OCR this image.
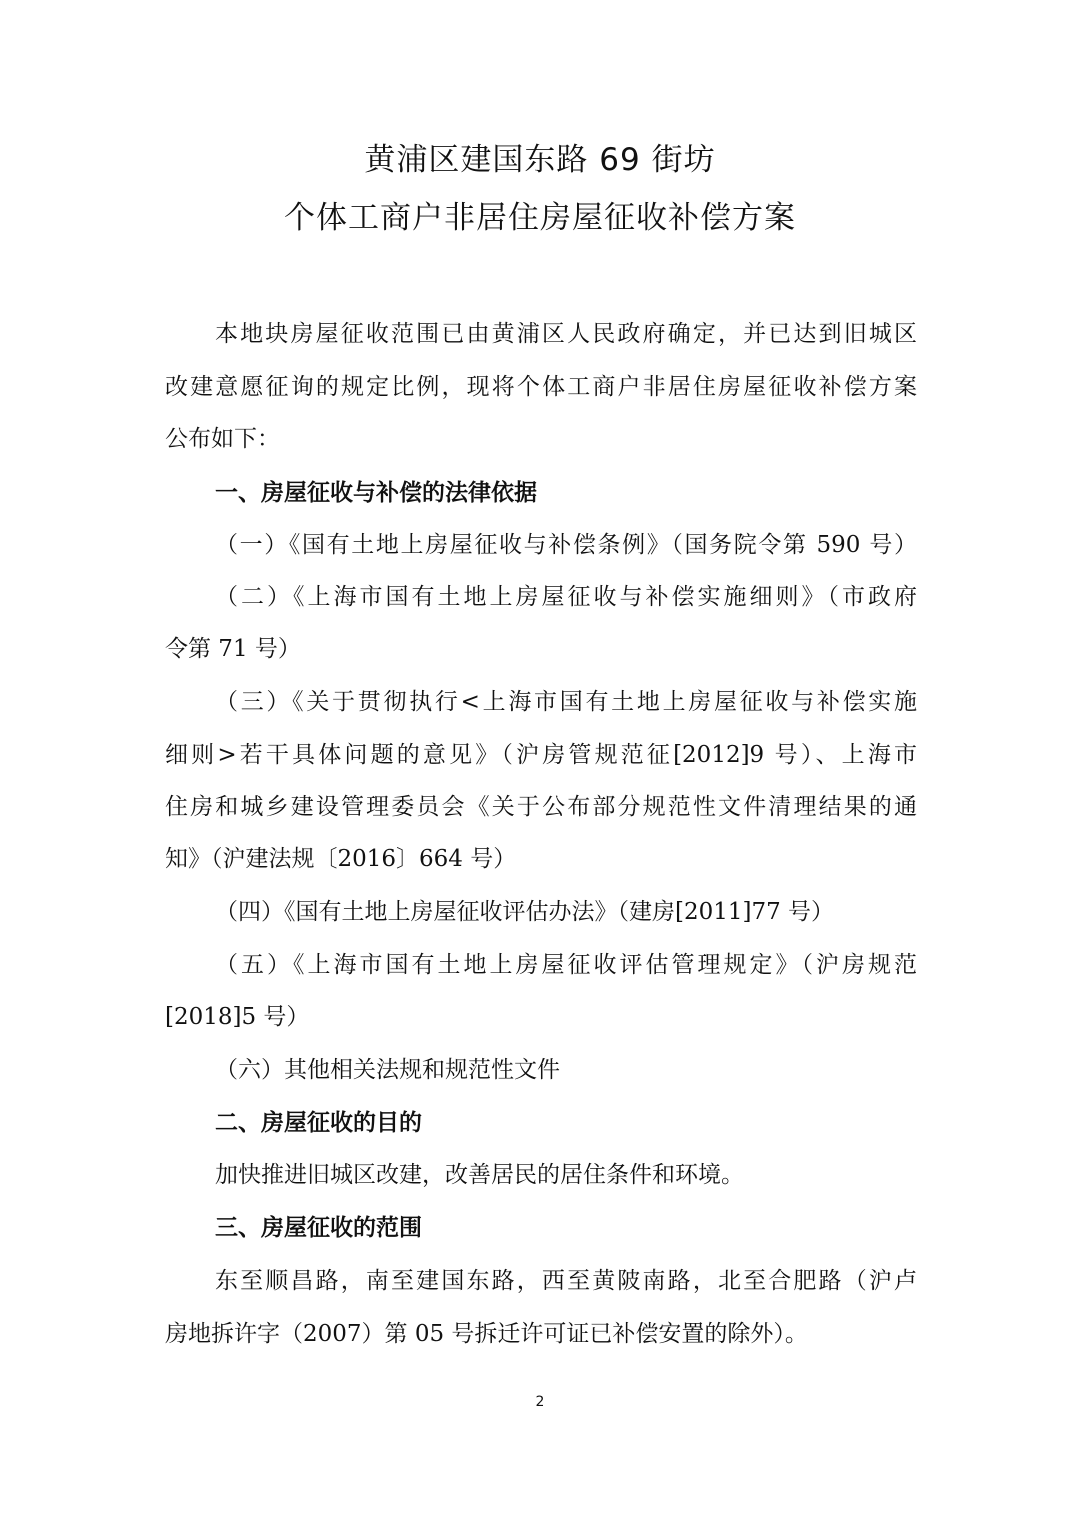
黄浦区建国东路 69 街坊
个体工商户非居住房屋征收补偿方案
本地块房屋征收范围已由黄浦区人民政府确定，并已达到旧城区
改建意愿征询的规定比例，现将个体工商户非居住房屋征收补偿方案
公布如下：
一、房屋征收与补偿的法律依据
（一）《国有土地上房屋征收与补偿条例》（国务院令第 590 号）
（二）《上海市国有土地上房屋征收与补偿实施细则》（市政府
令第 71 号）
（三）《关于贯彻执行<上海市国有土地上房屋征收与补偿实施
细则>若干具体问题的意见》（沪房管规范征[2012]9 号）、上海市
住房和城乡建设管理委员会《关于公布部分规范性文件清理结果的通
知》（沪建法规〔2016〕664 号）
（四）《国有土地上房屋征收评估办法》（建房[2011]77 号）
（五）《上海市国有土地上房屋征收评估管理规定》（沪房规范
[2018]5 号）
（六）其他相关法规和规范性文件
二、房屋征收的目的
加快推进旧城区改建，改善居民的居住条件和环境。
三、房屋征收的范围
东至顺昌路，南至建国东路，西至黄陂南路，北至合肥路（沪卢
房地拆许字（2007）第 05 号拆迁许可证已补偿安置的除外）。
2
